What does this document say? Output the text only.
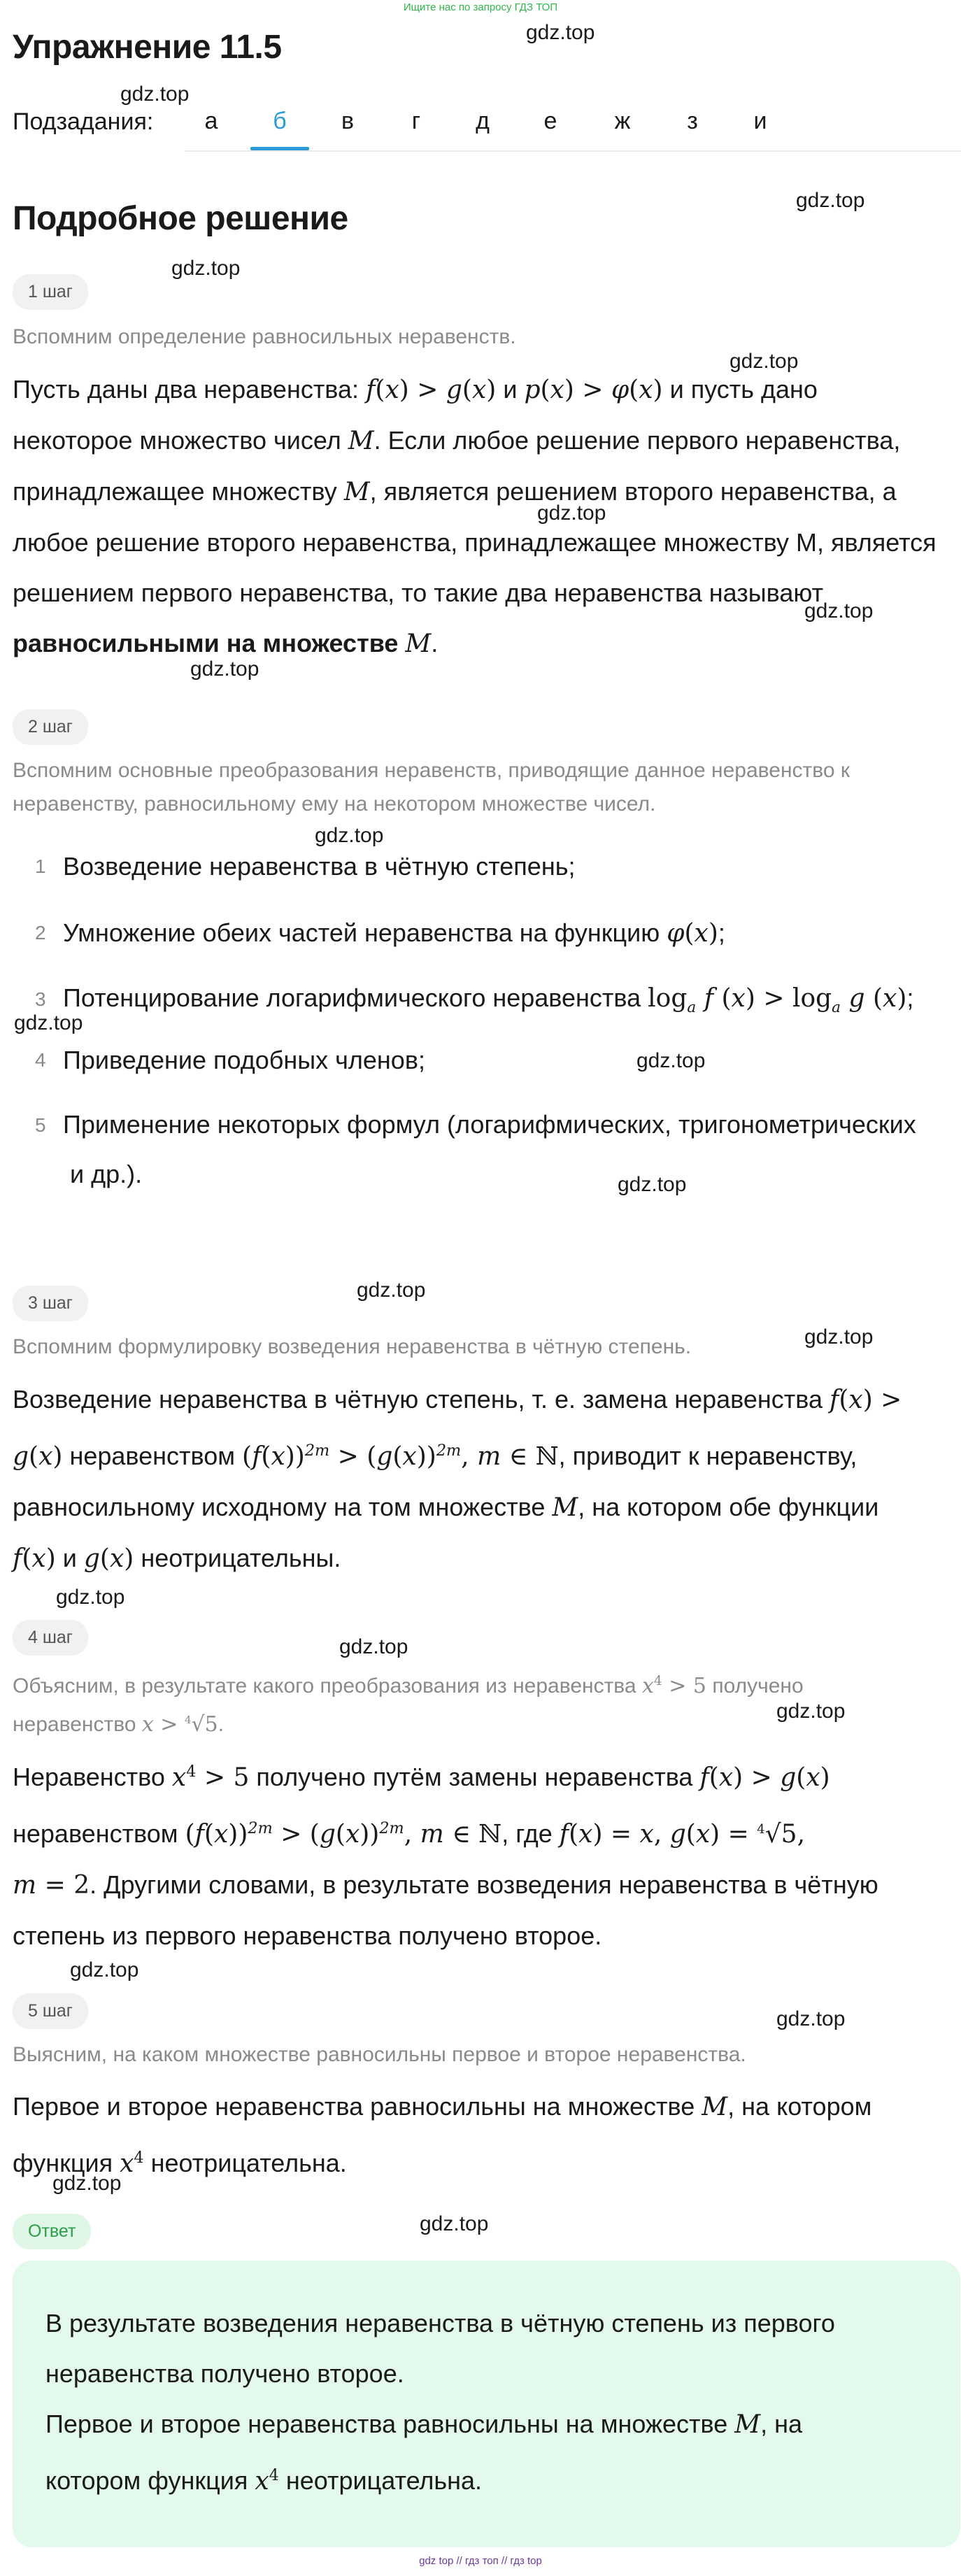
Ищите нас по запросу ГДЗ ТОП
gdz.top
gdz.top
gdz.top
gdz.top
gdz.top
gdz.top
gdz.top
gdz.top
gdz.top
gdz.top
gdz.top
gdz.top
gdz.top
gdz.top
gdz.top
gdz.top
gdz.top
gdz.top
gdz.top
gdz.top
gdz.top
Упражнение 11.5
Подзадания:	а	б	в	г	д	е	ж	з	и
Подробное решение
1 шаг
Вспомним определение равносильных неравенств.
Пусть даны два неравенства: f(x) > g(x) и p(x) > φ(x) и пусть дано
некоторое множество чисел M. Если любое решение первого неравенства,
принадлежащее множеству M, является решением второго неравенства, а
любое решение второго неравенства, принадлежащее множеству М, является
решением первого неравенства, то такие два неравенства называют
равносильными на множестве M.
2 шаг
Вспомним основные преобразования неравенств, приводящие данное неравенство к
неравенству, равносильному ему на некотором множестве чисел.
1 Возведение неравенства в чётную степень;
2 Умножение обеих частей неравенства на функцию φ(x);
3 Потенцирование логарифмического неравенства $\log_a f$ $(x) > \log_a g$ (x);
4 Приведение подобных членов;
5 Применение некоторых формул (логарифмических, тригонометрических
и др.).
3 шаг
Вспомним формулировку возведения неравенства в чётную степень.
Возведение неравенства в чётную степень, т. е. замена неравенства f(x) >
g(x) неравенством $(f(x))^{2m} > (g(x))^{2m}$, m ∈ ℕ, приводит к неравенству,
равносильному исходному на том множестве M, на котором обе функции
f(x) и g(x) неотрицательны.
4 шаг
Объясним, в результате какого преобразования из неравенства $x^4 > 5$ получено
неравенство x > $^4$√5.
Неравенство $x^4 > 5$ получено путём замены неравенства f(x) > g(x)
неравенством $(f(x))^{2m} > (g(x))^{2m}$, m ∈ ℕ, где f(x) = x, g(x) = $^4$√5,
m = 2. Другими словами, в результате возведения неравенства в чётную
степень из первого неравенства получено второе.
5 шаг
Выясним, на каком множестве равносильны первое и второе неравенства.
Первое и второе неравенства равносильны на множестве M, на котором
функция $x^4$ неотрицательна.
Ответ
В результате возведения неравенства в чётную степень из первого
неравенства получено второе.
Первое и второе неравенства равносильны на множестве M, на
котором функция $x^4$ неотрицательна.
gdz top // гдз топ // гдз top
